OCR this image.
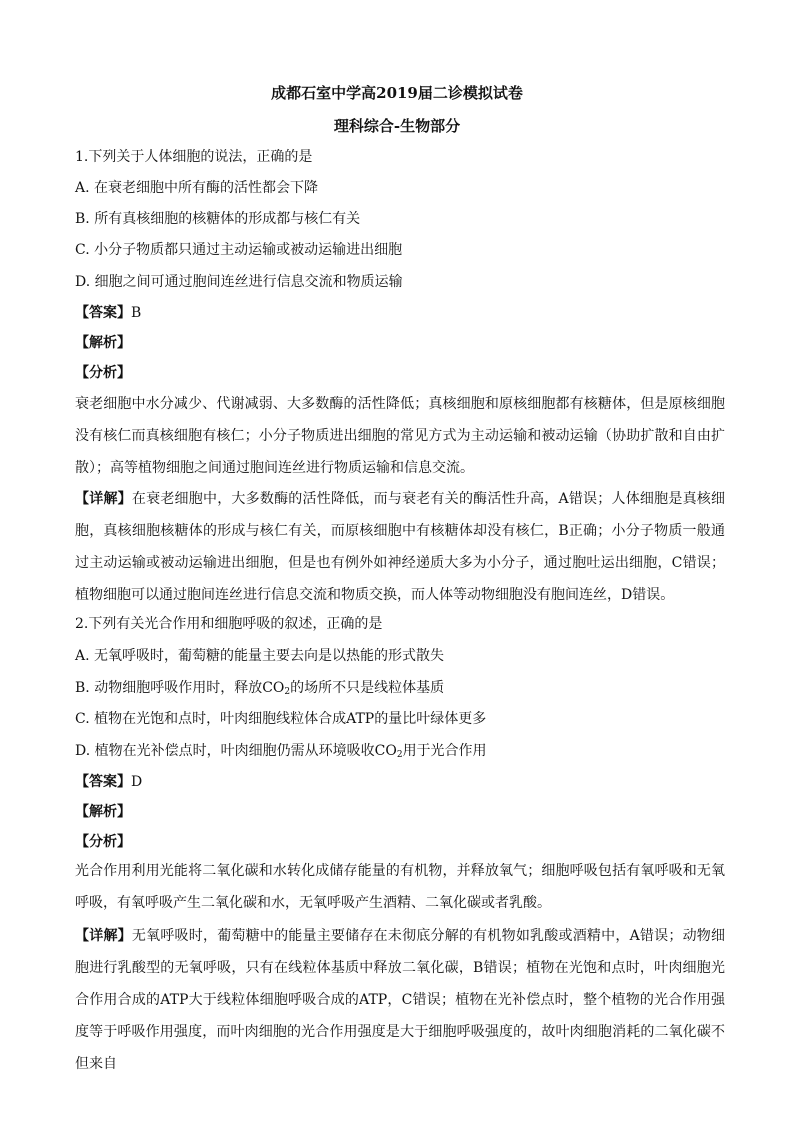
成都石室中学高2019届二诊模拟试卷
理科综合-生物部分
1.下列关于人体细胞的说法，正确的是
A. 在衰老细胞中所有酶的活性都会下降
B. 所有真核细胞的核糖体的形成都与核仁有关
C. 小分子物质都只通过主动运输或被动运输进出细胞
D. 细胞之间可通过胞间连丝进行信息交流和物质运输
【答案】B
【解析】
【分析】
衰老细胞中水分减少、代谢减弱、大多数酶的活性降低；真核细胞和原核细胞都有核糖体，但是原核细胞没有核仁而真核细胞有核仁；小分子物质进出细胞的常见方式为主动运输和被动运输（协助扩散和自由扩散）；高等植物细胞之间通过胞间连丝进行物质运输和信息交流。
【详解】在衰老细胞中，大多数酶的活性降低，而与衰老有关的酶活性升高，A错误；人体细胞是真核细胞，真核细胞核糖体的形成与核仁有关，而原核细胞中有核糖体却没有核仁，B正确；小分子物质一般通过主动运输或被动运输进出细胞，但是也有例外如神经递质大多为小分子，通过胞吐运出细胞，C错误；植物细胞可以通过胞间连丝进行信息交流和物质交换，而人体等动物细胞没有胞间连丝，D错误。
2.下列有关光合作用和细胞呼吸的叙述，正确的是
A. 无氧呼吸时，葡萄糖的能量主要去向是以热能的形式散失
B. 动物细胞呼吸作用时，释放$CO_2$的场所不只是线粒体基质
C. 植物在光饱和点时，叶肉细胞线粒体合成ATP的量比叶绿体更多
D. 植物在光补偿点时，叶肉细胞仍需从环境吸收$CO_2$用于光合作用
【答案】D
【解析】
【分析】
光合作用利用光能将二氧化碳和水转化成储存能量的有机物，并释放氧气；细胞呼吸包括有氧呼吸和无氧呼吸，有氧呼吸产生二氧化碳和水，无氧呼吸产生酒精、二氧化碳或者乳酸。
【详解】无氧呼吸时，葡萄糖中的能量主要储存在未彻底分解的有机物如乳酸或酒精中，A错误；动物细胞进行乳酸型的无氧呼吸，只有在线粒体基质中释放二氧化碳，B错误；植物在光饱和点时，叶肉细胞光合作用合成的ATP大于线粒体细胞呼吸合成的ATP，C错误；植物在光补偿点时，整个植物的光合作用强度等于呼吸作用强度，而叶肉细胞的光合作用强度是大于细胞呼吸强度的，故叶肉细胞消耗的二氧化碳不但来自
